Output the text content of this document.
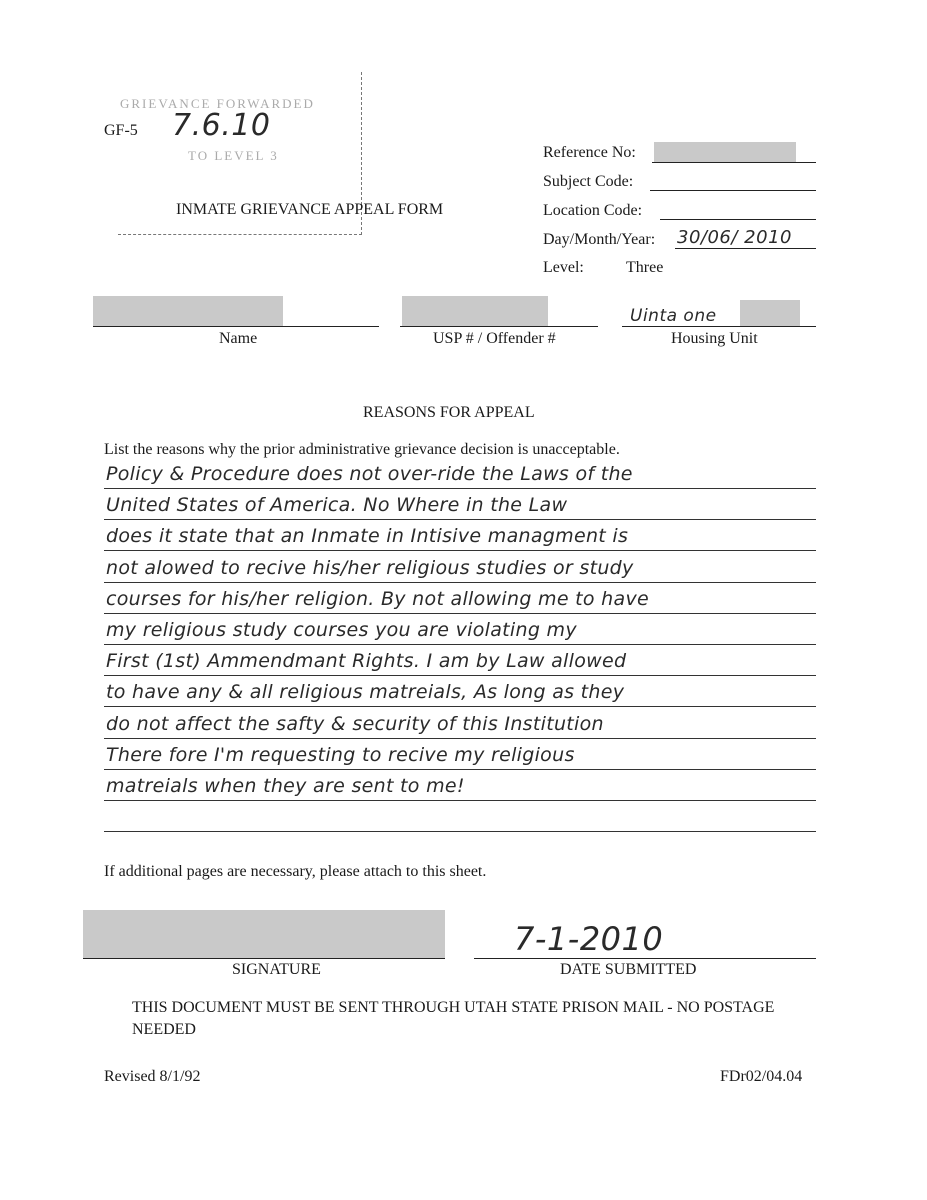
GRIEVANCE FORWARDED
TO LEVEL 3
GF-5 7.6.10
INMATE GRIEVANCE APPEAL FORM
Reference No:
Subject Code:
Location Code:
Day/Month/Year: 30/06/ 2010
Level:	Three
Name	USP # / Offender #
Uinta one
Housing Unit
REASONS FOR APPEAL
List the reasons why the prior administrative grievance decision is unacceptable.
Policy & Procedure does not over-ride the Laws of the
United States of America. No Where in the Law
does it state that an Inmate in Intisive managment is
not alowed to recive his/her religious studies or study
courses for his/her religion. By not allowing me to have
my religious study courses you are violating my
First (1st) Ammendmant Rights. I am by Law allowed
to have any & all religious matreials, As long as they
do not affect the safty & security of this Institution
There fore I'm requesting to recive my religious
matreials when they are sent to me!
If additional pages are necessary, please attach to this sheet.
SIGNATURE
7-1-2010
DATE SUBMITTED
THIS DOCUMENT MUST BE SENT THROUGH UTAH STATE PRISON MAIL - NO POSTAGE NEEDED
Revised 8/1/92	FDr02/04.04
